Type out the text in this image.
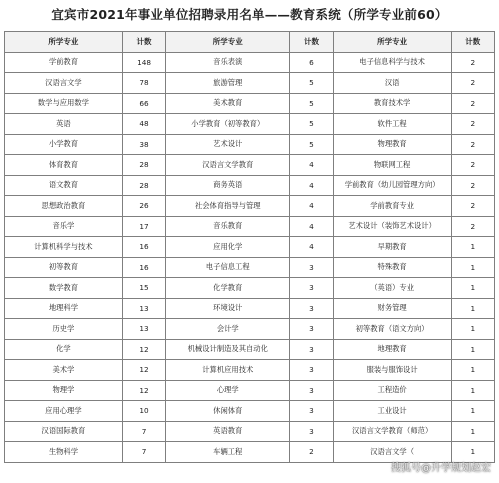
宜宾市2021年事业单位招聘录用名单——教育系统（所学专业前60）
所学专业	计数	所学专业	计数	所学专业	计数
学前教育	148	音乐表演	6	电子信息科学与技术	2
汉语言文学	78	旅游管理	5	汉语	2
数学与应用数学	66	美术教育	5	教育技术学	2
英语	48	小学教育（初等教育）	5	软件工程	2
小学教育	38	艺术设计	5	物理教育	2
体育教育	28	汉语言文学教育	4	物联网工程	2
语文教育	28	商务英语	4	学前教育（幼儿园管理方向）	2
思想政治教育	26	社会体育指导与管理	4	学前教育专业	2
音乐学	17	音乐教育	4	艺术设计（装饰艺术设计）	2
计算机科学与技术	16	应用化学	4	早期教育	1
初等教育	16	电子信息工程	3	特殊教育	1
数学教育	15	化学教育	3	（英语）专业	1
地理科学	13	环境设计	3	财务管理	1
历史学	13	会计学	3	初等教育（语文方向）	1
化学	12	机械设计制造及其自动化	3	地理教育	1
美术学	12	计算机应用技术	3	服装与服饰设计	1
物理学	12	心理学	3	工程造价	1
应用心理学	10	休闲体育	3	工业设计	1
汉语国际教育	7	英语教育	3	汉语言文学教育（师范）	1
生物科学	7	车辆工程	2	汉语言文学（	1
搜狐号@升学规划赵宏
